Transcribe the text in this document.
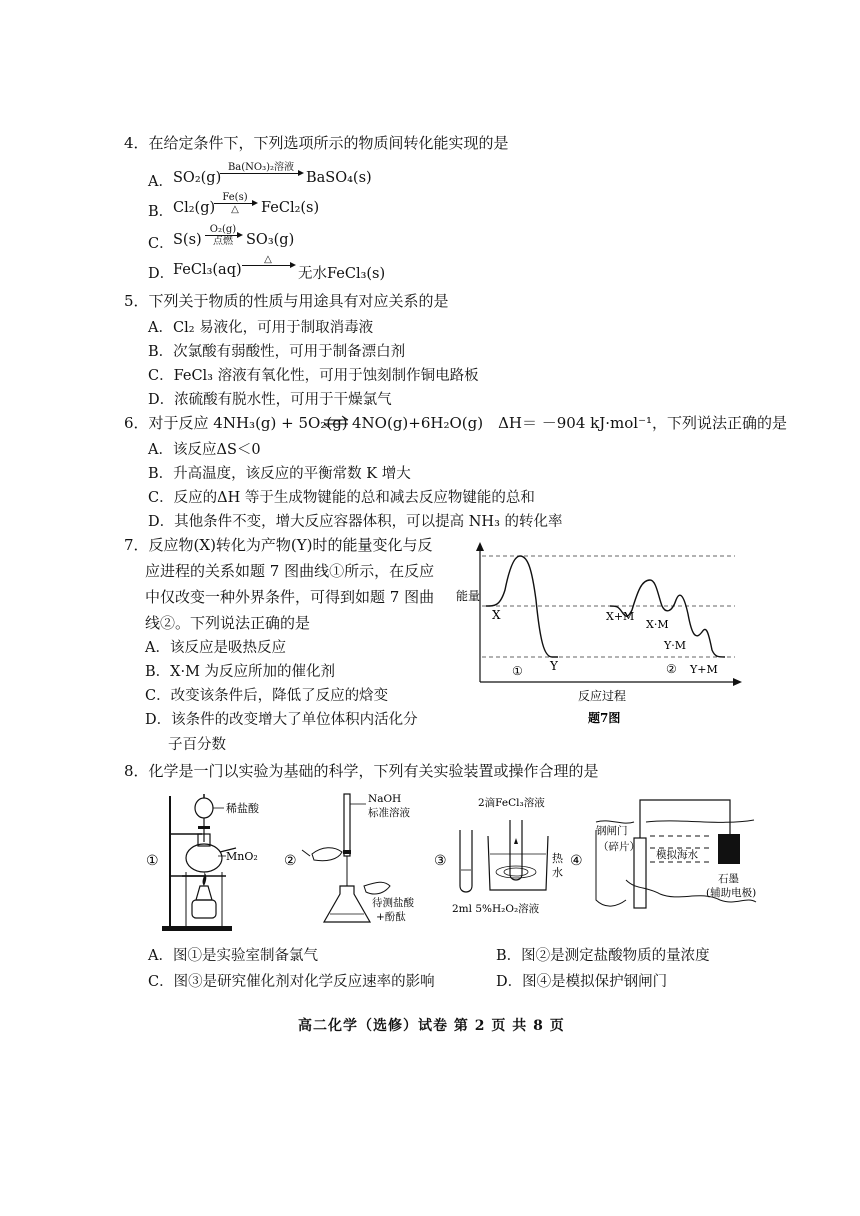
4．在给定条件下，下列选项所示的物质间转化能实现的是
A． SO₂(g)
Ba(NO₃)₂溶液
BaSO₄(s)
B． Cl₂(g)
Fe(s)
△	FeCl₂(s)
C． S(s)
O₂(g)
点燃 SO₃(g)
D．
FeCl₃(aq)
△
无水FeCl₃(s)
5．下列关于物质的性质与用途具有对应关系的是
A．Cl₂ 易液化，可用于制取消毒液
B．次氯酸有弱酸性，可用于制备漂白剂
C．FeCl₃ 溶液有氧化性，可用于蚀刻制作铜电路板
D．浓硫酸有脱水性，可用于干燥氯气
6．对于反应 4NH₃(g) + 5O₂(g) ⇌ 4NO(g)+6H₂O(g)　ΔH＝ －904 kJ·mol⁻¹，下列说法正确的是
A．该反应ΔS＜0
B．升高温度，该反应的平衡常数 K 增大
C．反应的ΔH 等于生成物键能的总和减去反应物键能的总和
D．其他条件不变，增大反应容器体积，可以提高 NH₃ 的转化率
7．反应物(X)转化为产物(Y)时的能量变化与反
应进程的关系如题 7 图曲线①所示，在反应
中仅改变一种外界条件，可得到如题 7 图曲
线②。下列说法正确的是
A．该反应是吸热反应
B．X·M 为反应所加的催化剂
C．改变该条件后，降低了反应的焓变
D．该条件的改变增大了单位体积内活化分
子百分数
能量
X
Y
①
X+M
X·M
Y·M
② Y+M
反应过程
题7图
8．化学是一门以实验为基础的科学，下列有关实验装置或操作合理的是
①
稀盐酸
MnO₂ ②
NaOH
标准溶液
待测盐酸
+酚酞
③
2滴FeCl₃溶液
热
水
2ml 5%H₂O₂溶液
④
钢闸门
（碎片）
模拟海水
石墨
(辅助电极)
A．图①是实验室制备氯气	B．图②是测定盐酸物质的量浓度
C．图③是研究催化剂对化学反应速率的影响	D．图④是模拟保护钢闸门
高二化学（选修）试卷 第 2 页 共 8 页
